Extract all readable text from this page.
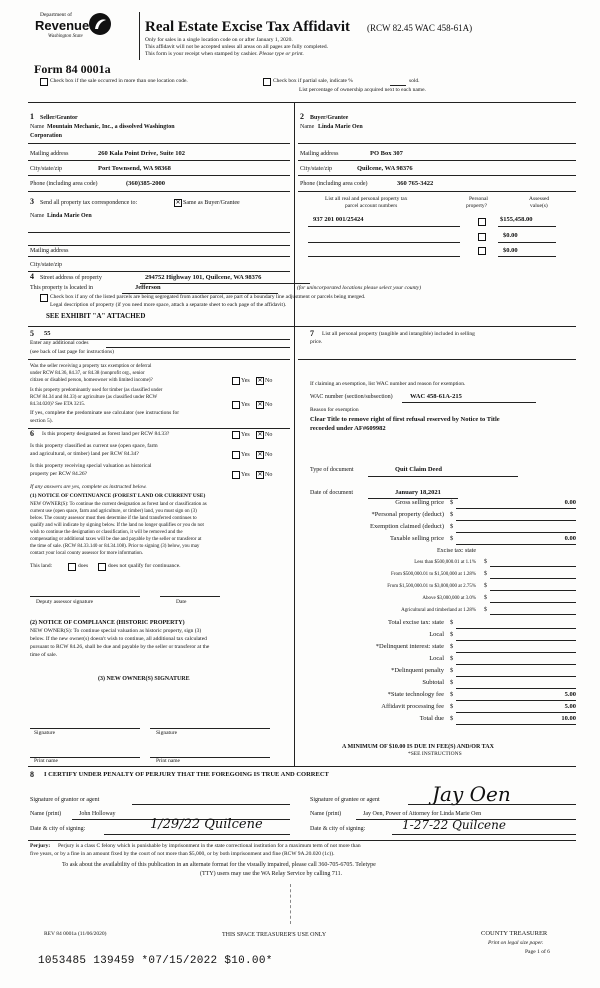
Department of
Revenue
Washington State
Real Estate Excise Tax Affidavit (RCW 82.45 WAC 458-61A)
Only for sales in a single location code on or after January 1, 2020.
This affidavit will not be accepted unless all areas on all pages are fully completed.
This form is your receipt when stamped by cashier. Please type or print.
Form 84 0001a
Check box if the sale occurred in more than one location code.	Check box if partial sale, indicate %	sold.
List percentage of ownership acquired next to each name.
1 Seller/Grantor
Name Mountain Mechanic, Inc., a dissolved Washington
Corporation
Mailing address	260 Kala Point Drive, Suite 102
City/state/zip	Port Townsend, WA 98368
Phone (including area code)	(360)385-2000
2 Buyer/Grantee
Name Linda Marie Oen
Mailing address	PO Box 307
City/state/zip	Quilcene, WA 98376
Phone (including area code)	360 765-3422
3 Send all property tax correspondence to:	✕ Same as Buyer/Grantee
Name Linda Marie Oen
Mailing address
City/state/zip
List all real and personal property tax
parcel account numbers
Personal
property?
Assessed
value(s)
937 201 001/25424	$155,458.00
$0.00
$0.00
4 Street address of property	294752 Highway 101, Quilcene, WA 98376
This property is located in	Jefferson	(for unincorporated locations please select your county)
Check box if any of the listed parcels are being segregated from another parcel, are part of a boundary line adjustment or parcels being merged.
Legal description of property (if you need more space, attach a separate sheet to each page of the affidavit).
SEE EXHIBIT "A" ATTACHED
5 55
Enter any additional codes
(see back of last page for instructions)
Was the seller receiving a property tax exemption or deferral
under RCW 84.36, 84.37, or 84.38 (nonprofit org., senior
citizen or disabled person, homeowner with limited income)?	Yes ✕ No
Is this property predominantly used for timber (as classified under
RCW 84.34 and 84.33) or agriculture (as classified under RCW
84.34.020)? See ETA 3215.	Yes ✕ No
If yes, complete the predominate use calculator (see instructions for
section 5).
6 Is this property designated as forest land per RCW 84.33?	Yes ✕ No
Is this property classified as current use (open space, farm
and agricultural, or timber) land per RCW 84.34?	Yes ✕ No
Is this property receiving special valuation as historical
property per RCW 84.26?	Yes ✕ No
If any answers are yes, complete as instructed below.
(1) NOTICE OF CONTINUANCE (FOREST LAND OR CURRENT USE)
NEW OWNER(S): To continue the current designation as forest land or classification as
current use (open space, farm and agriculture, or timber) land, you must sign on (3)
below. The county assessor must then determine if the land transferred continues to
qualify and will indicate by signing below. If the land no longer qualifies or you do not
wish to continue the designation or classification, it will be removed and the
compensating or additional taxes will be due and payable by the seller or transferor at
the time of sale. (RCW 84.33.140 or 84.34.108). Prior to signing (3) below, you may
contact your local county assessor for more information.
This land:	does	does not qualify for continuance.
Deputy assessor signature	Date
(2) NOTICE OF COMPLIANCE (HISTORIC PROPERTY)
NEW OWNER(S): To continue special valuation as historic property, sign (3)
below. If the new owner(s) doesn't wish to continue, all additional tax calculated
pursuant to RCW 84.26, shall be due and payable by the seller or transferor at the
time of sale.
(3) NEW OWNER(S) SIGNATURE
Signature	Signature
Print name	Print name
7 List all personal property (tangible and intangible) included in selling
price.
If claiming an exemption, list WAC number and reason for exemption.
WAC number (section/subsection)	WAC 458-61A-215
Reason for exemption
Clear Title to remove right of first refusal reserved by Notice to Title
recorded under AF#609982
Type of document	Quit Claim Deed
Date of document	January 18,2021
Gross selling price $	0.00
*Personal property (deduct) $
Exemption claimed (deduct) $
Taxable selling price $	0.00
Excise tax: state
Less than $500,000.01 at 1.1% $
From $500,000.01 to $1,500,000 at 1.28% $
From $1,500,000.01 to $3,000,000 at 2.75% $
Above $3,000,000 at 3.0% $
Agricultural and timberland at 1.28% $
Total excise tax: state $
Local $
*Delinquent interest: state $
Local $
*Delinquent penalty $
Subtotal $
*State technology fee $	5.00
Affidavit processing fee $	5.00
Total due $	10.00
A MINIMUM OF $10.00 IS DUE IN FEE(S) AND/OR TAX
*SEE INSTRUCTIONS
8 I CERTIFY UNDER PENALTY OF PERJURY THAT THE FOREGOING IS TRUE AND CORRECT
Signature of grantor or agent
Name (print)	John Holloway
Date & city of signing:	1/29/22 Quilcene
Signature of grantee or agent	Jay Oen
Name (print)	Jay Oen, Power of Attorney for Linda Marie Oen
Date & city of signing:	1-27-22 Quilcene
Perjury: Perjury is a class C felony which is punishable by imprisonment in the state correctional institution for a maximum term of not more than
five years, or by a fine in an amount fixed by the court of not more than $5,000, or by both imprisonment and fine (RCW 9A.20.020 (1c)).
To ask about the availability of this publication in an alternate format for the visually impaired, please call 360-705-6705. Teletype
(TTY) users may use the WA Relay Service by calling 711.
REV 84 0001a (11/06/2020)	THIS SPACE TREASURER'S USE ONLY	COUNTY TREASURER
Print on legal size paper.
Page 1 of 6
1053485 139459 *07/15/2022 $10.00*
